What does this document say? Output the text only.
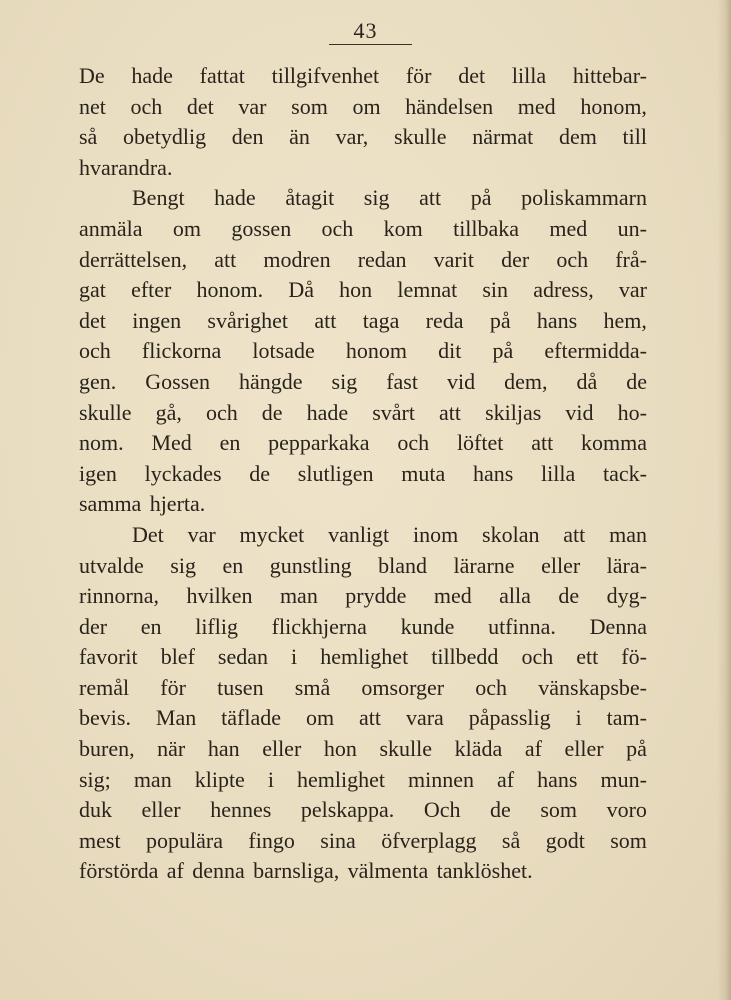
43
De hade fattat tillgifvenhet för det lilla hittebar-
net och det var som om händelsen med honom,
så obetydlig den än var, skulle närmat dem till
hvarandra.
Bengt hade åtagit sig att på poliskammarn
anmäla om gossen och kom tillbaka med un-
derrättelsen, att modren redan varit der och frå-
gat efter honom. Då hon lemnat sin adress, var
det ingen svårighet att taga reda på hans hem,
och flickorna lotsade honom dit på eftermidda-
gen. Gossen hängde sig fast vid dem, då de
skulle gå, och de hade svårt att skiljas vid ho-
nom. Med en pepparkaka och löftet att komma
igen lyckades de slutligen muta hans lilla tack-
samma hjerta.
Det var mycket vanligt inom skolan att man
utvalde sig en gunstling bland lärarne eller lära-
rinnorna, hvilken man prydde med alla de dyg-
der en liflig flickhjerna kunde utfinna. Denna
favorit blef sedan i hemlighet tillbedd och ett fö-
remål för tusen små omsorger och vänskapsbe-
bevis. Man täflade om att vara påpasslig i tam-
buren, när han eller hon skulle kläda af eller på
sig; man klipte i hemlighet minnen af hans mun-
duk eller hennes pelskappa. Och de som voro
mest populära fingo sina öfverplagg så godt som
förstörda af denna barnsliga, välmenta tanklöshet.
